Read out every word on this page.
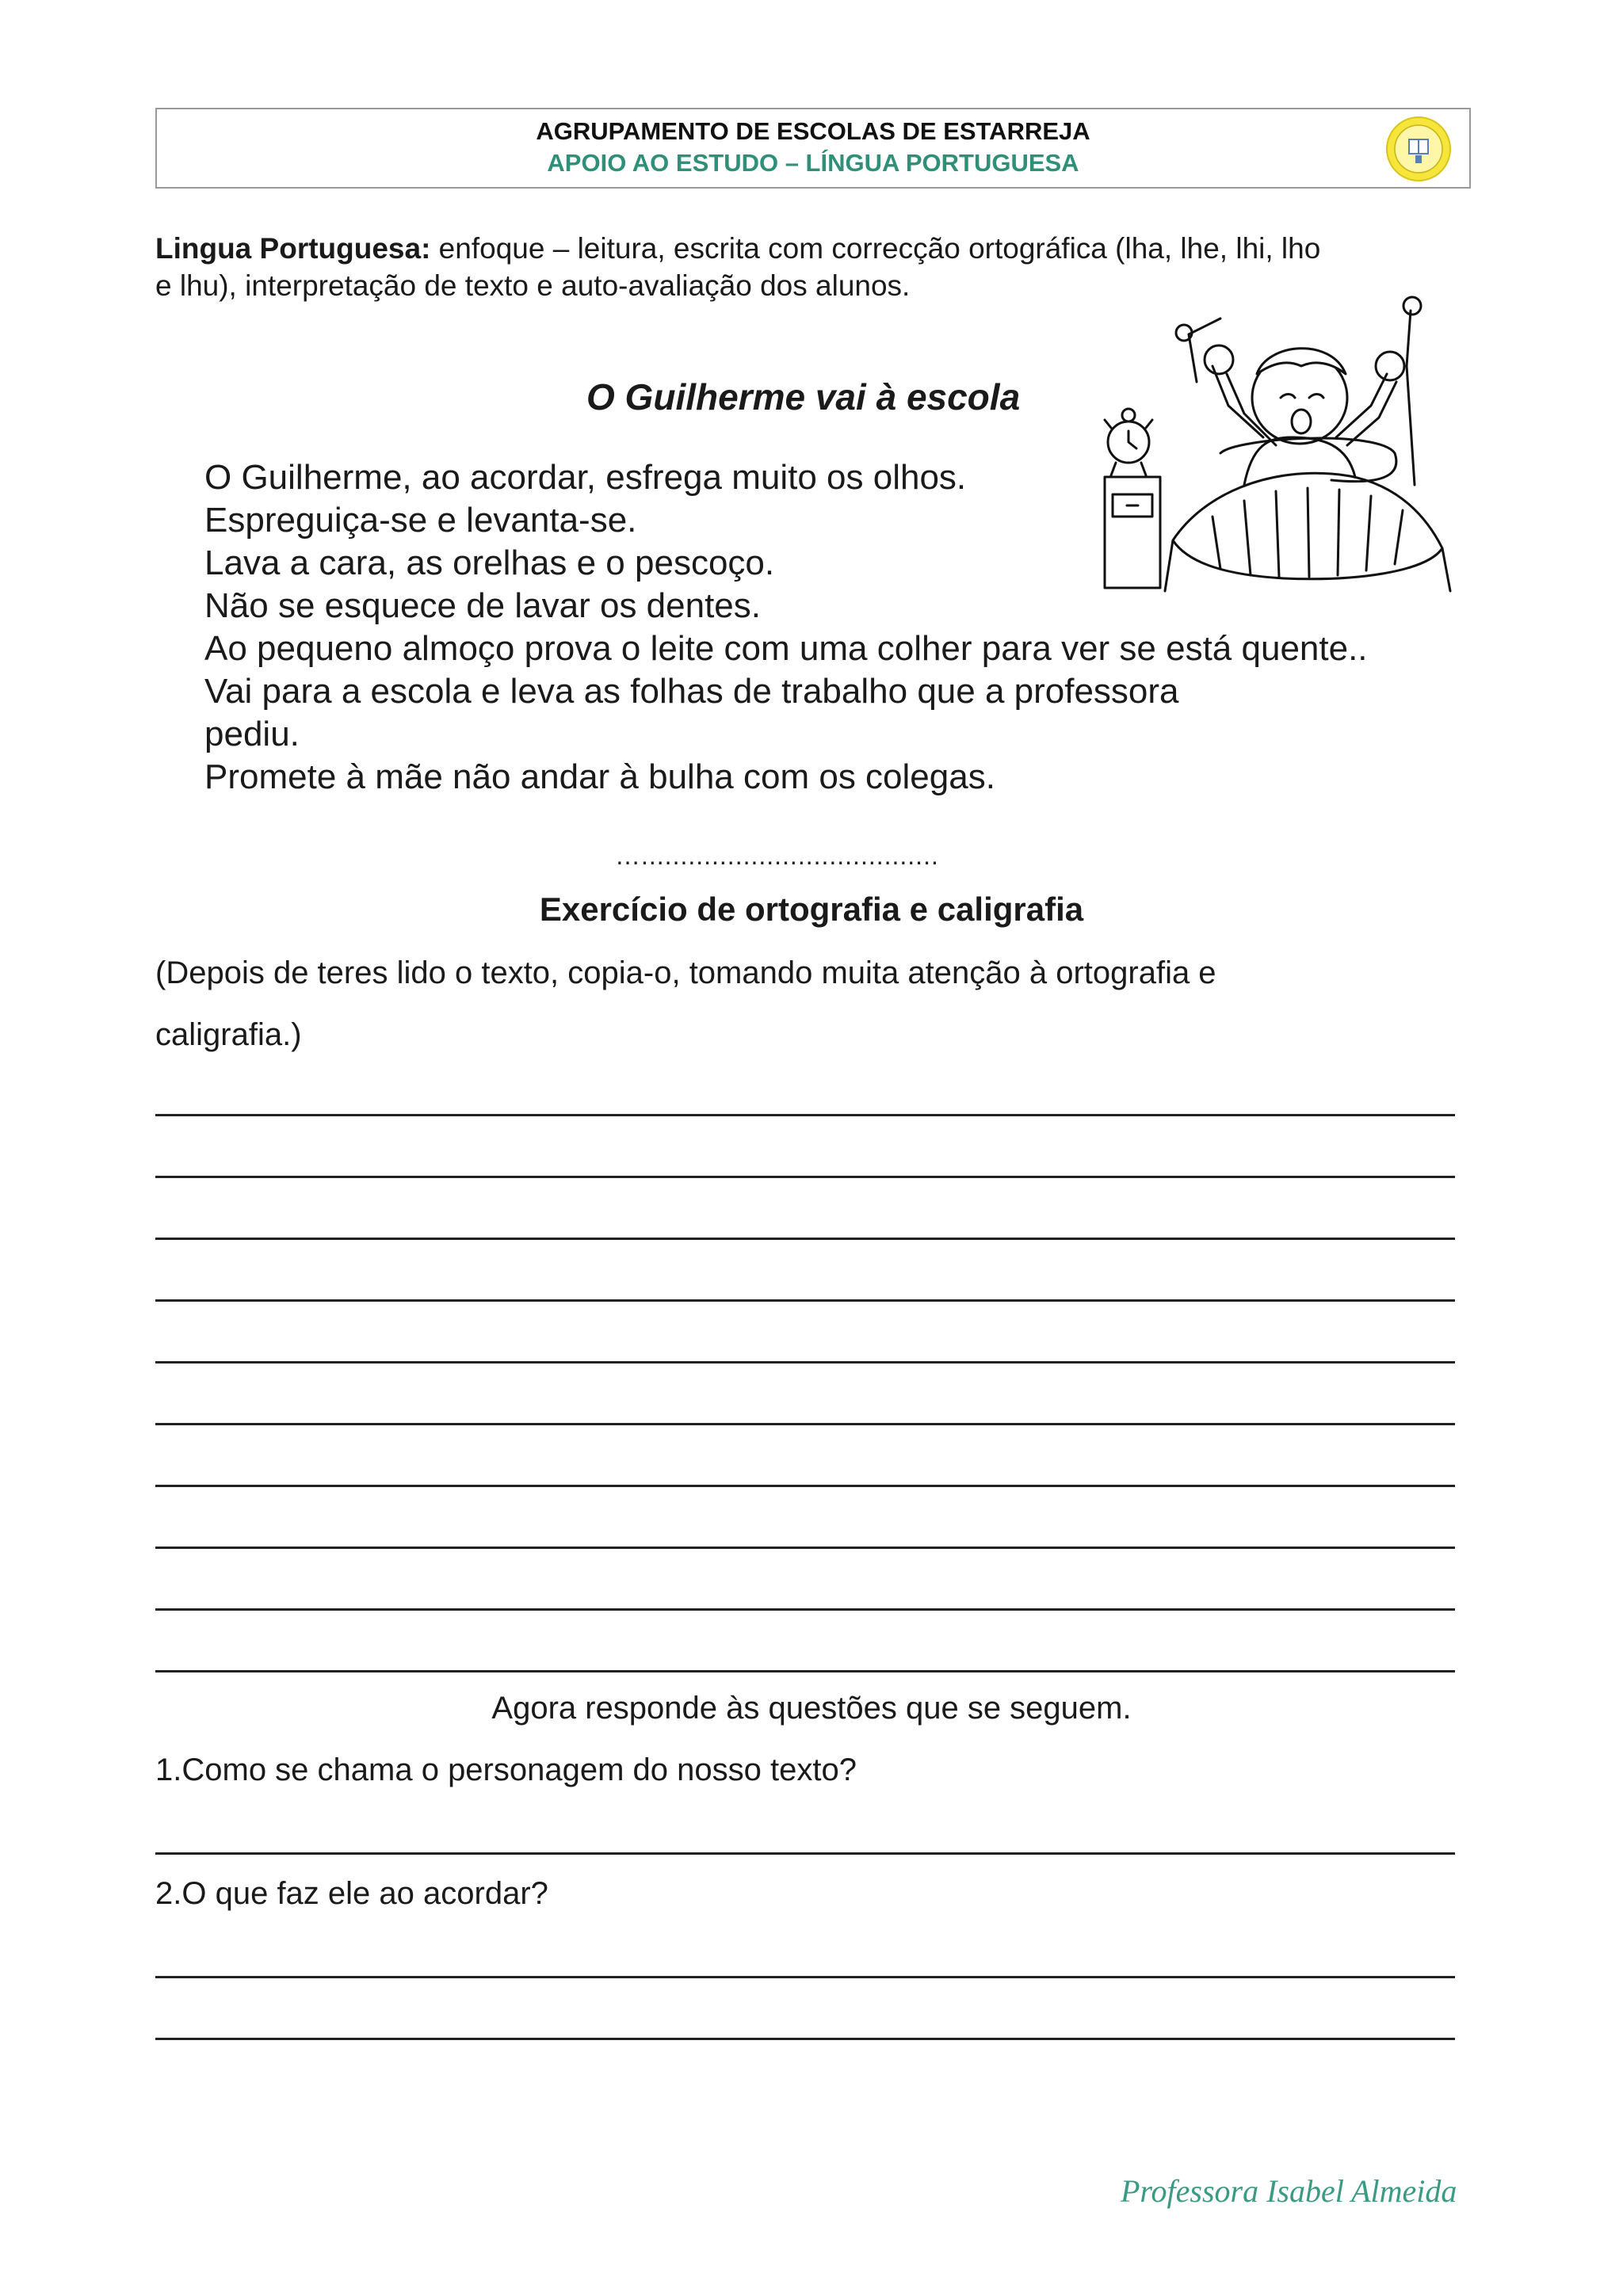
AGRUPAMENTO DE ESCOLAS DE ESTARREJA
APOIO AO ESTUDO – LÍNGUA PORTUGUESA
Lingua Portuguesa: enfoque – leitura, escrita com correcção ortográfica (lha, lhe, lhi, lho
e lhu), interpretação de texto e auto-avaliação dos alunos.
O Guilherme vai à escola
O Guilherme, ao acordar, esfrega muito os olhos.
Espreguiça-se e levanta-se.
Lava a cara, as orelhas e o pescoço.
Não se esquece de lavar os dentes.
Ao pequeno almoço prova o leite com uma colher para ver se está quente..
Vai para a escola e leva as folhas de trabalho que a professora
pediu.
Promete à mãe não andar à bulha com os colegas.
…......................................
Exercício de ortografia e caligrafia
(Depois de teres lido o texto, copia-o, tomando muita atenção à ortografia e
caligrafia.)
Agora responde às questões que se seguem.
1.Como se chama o personagem do nosso texto?
2.O que faz ele ao acordar?
Professora Isabel Almeida
